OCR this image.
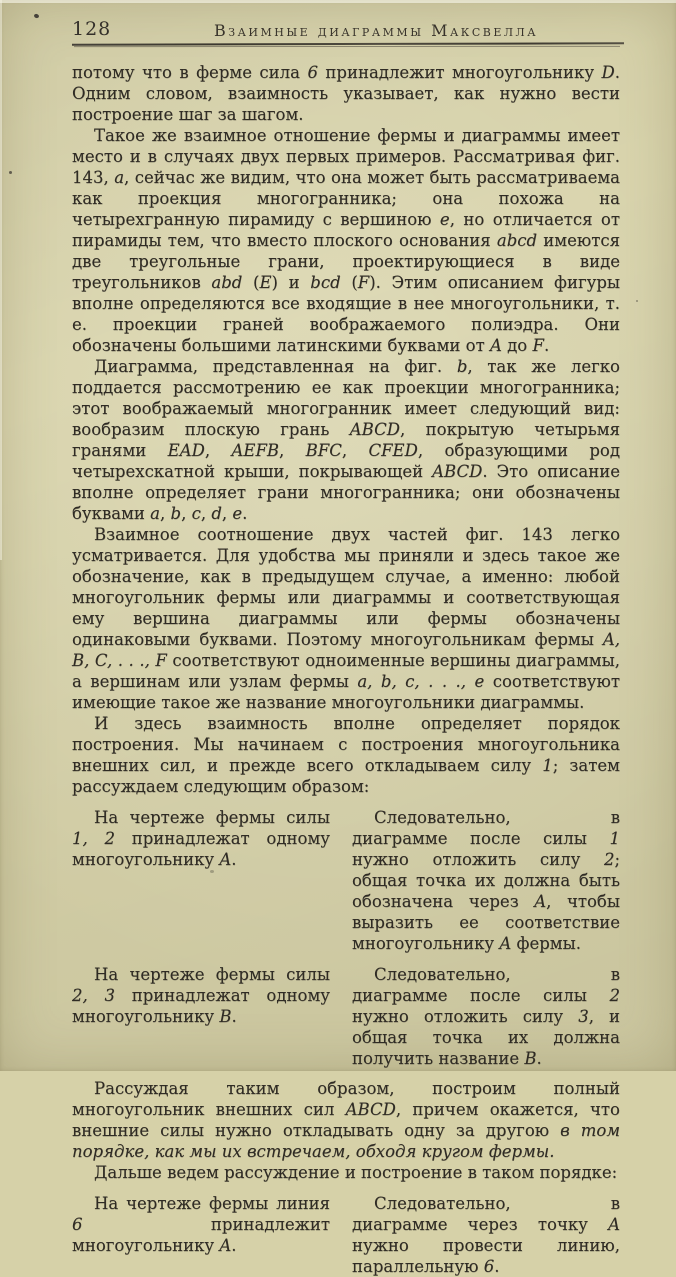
128	Взаимные диаграммы Максвелла

потому что в ферме сила 6 принадлежит многоугольнику D. Одним словом, взаимность указывает, как нужно вести построение шаг за шагом.

Такое же взаимное отношение фермы и диаграммы имеет место и в случаях двух первых примеров. Рассматривая фиг. 143, a, сейчас же видим, что она может быть рассматриваема как проекция многогранника; она похожа на четырехгранную пирамиду с вершиною e, но отличается от пирамиды тем, что вместо плоского основания abcd имеются две треугольные грани, проектирующиеся в виде треугольников abd (E) и bcd (F). Этим описанием фигуры вполне определяются все входящие в нее многоугольники, т. е. проекции граней воображаемого полиэдра. Они обозначены большими латинскими буквами от A до F.

Диаграмма, представленная на фиг. b, так же легко поддается рассмотрению ее как проекции многогранника; этот воображаемый многогранник имеет следующий вид: вообразим плоскую грань ABCD, покрытую четырьмя гранями EAD, AEFB, BFC, CFED, образующими род четырехскатной крыши, покрывающей ABCD. Это описание вполне определяет грани многогранника; они обозначены буквами a, b, c, d, e.

Взаимное соотношение двух частей фиг. 143 легко усматривается. Для удобства мы приняли и здесь такое же обозначение, как в предыдущем случае, а именно: любой многоугольник фермы или диаграммы и соответствующая ему вершина диаграммы или фермы обозначены одинаковыми буквами. Поэтому многоугольникам фермы A, B, C, . . ., F соответствуют одноименные вершины диаграммы, а вершинам или узлам фермы a, b, c, . . ., e соответствуют имеющие такое же название многоугольники диаграммы.

И здесь взаимность вполне определяет порядок построения. Мы начинаем с построения многоугольника внешних сил, и прежде всего откладываем силу 1; затем рассуждаем следующим образом:

На чертеже фермы силы 1, 2 принадлежат одному многоугольнику A.
Следовательно, в диаграмме после силы 1 нужно отложить силу 2; общая точка их должна быть обозначена через A, чтобы выразить ее соответствие многоугольнику A фермы.
На чертеже фермы силы 2, 3 принадлежат одному многоугольнику B.
Следовательно, в диаграмме после силы 2 нужно отложить силу 3, и общая точка их должна получить название B.

Рассуждая таким образом, построим полный многоугольник внешних сил ABCD, причем окажется, что внешние силы нужно откладывать одну за другою в том порядке, как мы их встречаем, обходя кругом фермы.

Дальше ведем рассуждение и построение в таком порядке:

На чертеже фермы линия 6 принадлежит многоугольнику A.
Следовательно, в диаграмме через точку A нужно провести линию, параллельную 6.
